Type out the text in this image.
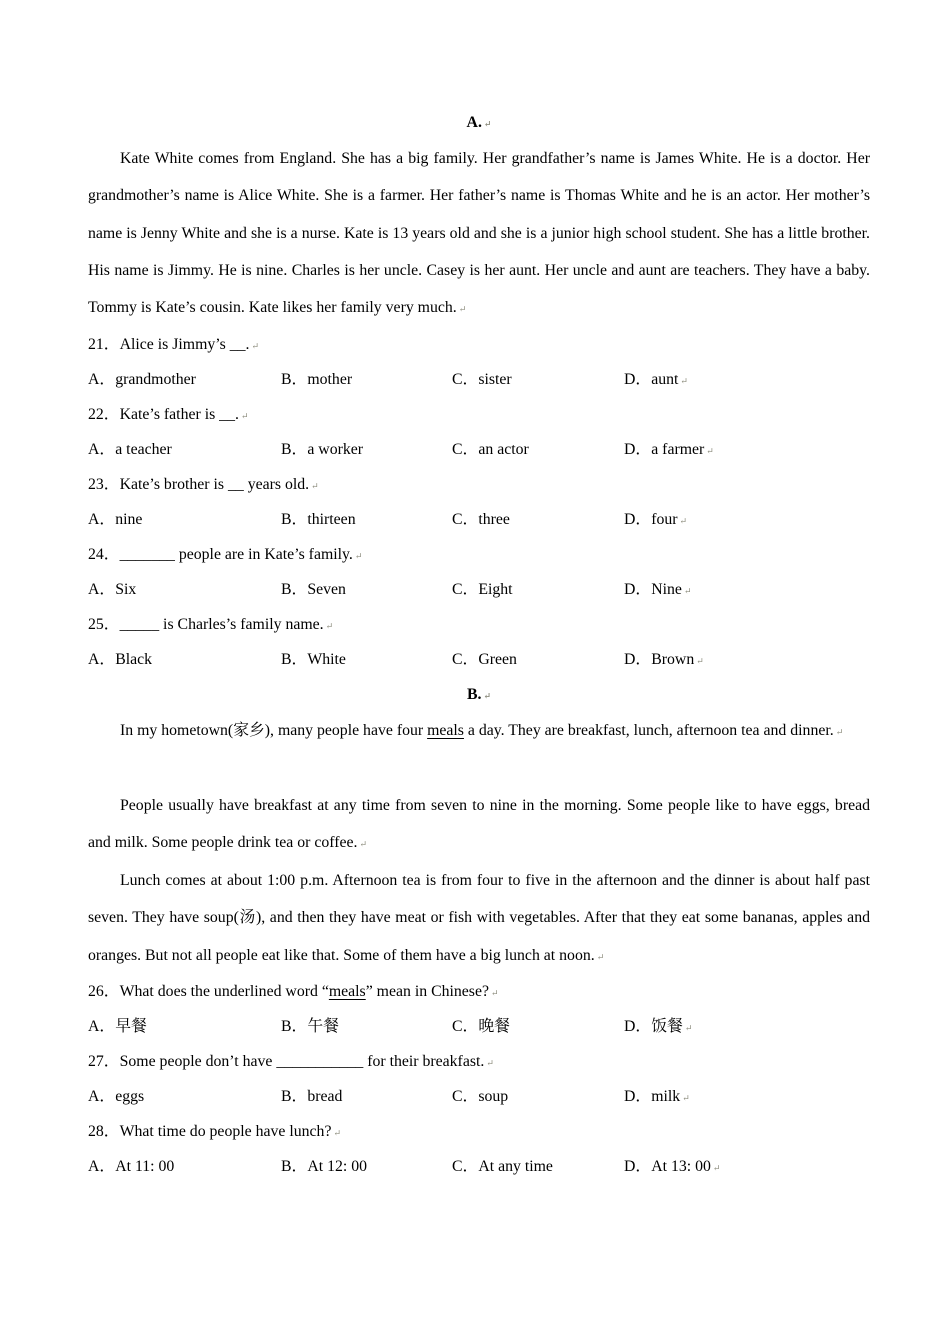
A. ↵

Kate White comes from England. She has a big family. Her grandfather’s name is James White. He is a doctor. Her grandmother’s name is Alice White. She is a farmer. Her father’s name is Thomas White and he is an actor. Her mother’s name is Jenny White and she is a nurse. Kate is 13 years old and she is a junior high school student. She has a little brother. His name is Jimmy. He is nine. Charles is her uncle. Casey is her aunt. Her uncle and aunt are teachers. They have a baby. Tommy is Kate’s cousin. Kate likes her family very much. ↵

21．Alice is Jimmy’s __. ↵
A．grandmother	B．mother	C．sister	D．aunt ↵
22．Kate’s father is __. ↵
A．a teacher	B．a worker	C．an actor	D．a farmer ↵
23．Kate’s brother is __ years old. ↵
A．nine	B．thirteen	C．three	D．four ↵
24．_______ people are in Kate’s family. ↵
A．Six	B．Seven	C．Eight	D．Nine ↵
25．_____ is Charles’s family name. ↵
A．Black	B．White	C．Green	D．Brown ↵
B. ↵

In my hometown(家乡), many people have four meals a day. They are breakfast, lunch, afternoon tea and dinner. ↵

People usually have breakfast at any time from seven to nine in the morning. Some people like to have eggs, bread and milk. Some people drink tea or coffee. ↵

Lunch comes at about 1:00 p.m. Afternoon tea is from four to five in the afternoon and the dinner is about half past seven. They have soup(汤), and then they have meat or fish with vegetables. After that they eat some bananas, apples and oranges. But not all people eat like that. Some of them have a big lunch at noon. ↵

26．What does the underlined word “meals” mean in Chinese? ↵
A．早餐	B．午餐	C．晚餐	D．饭餐 ↵
27．Some people don’t have ___________ for their breakfast. ↵
A．eggs	B．bread	C．soup	D．milk ↵
28．What time do people have lunch? ↵
A．At 11: 00	B．At 12: 00	C．At any time	D．At 13: 00 ↵
